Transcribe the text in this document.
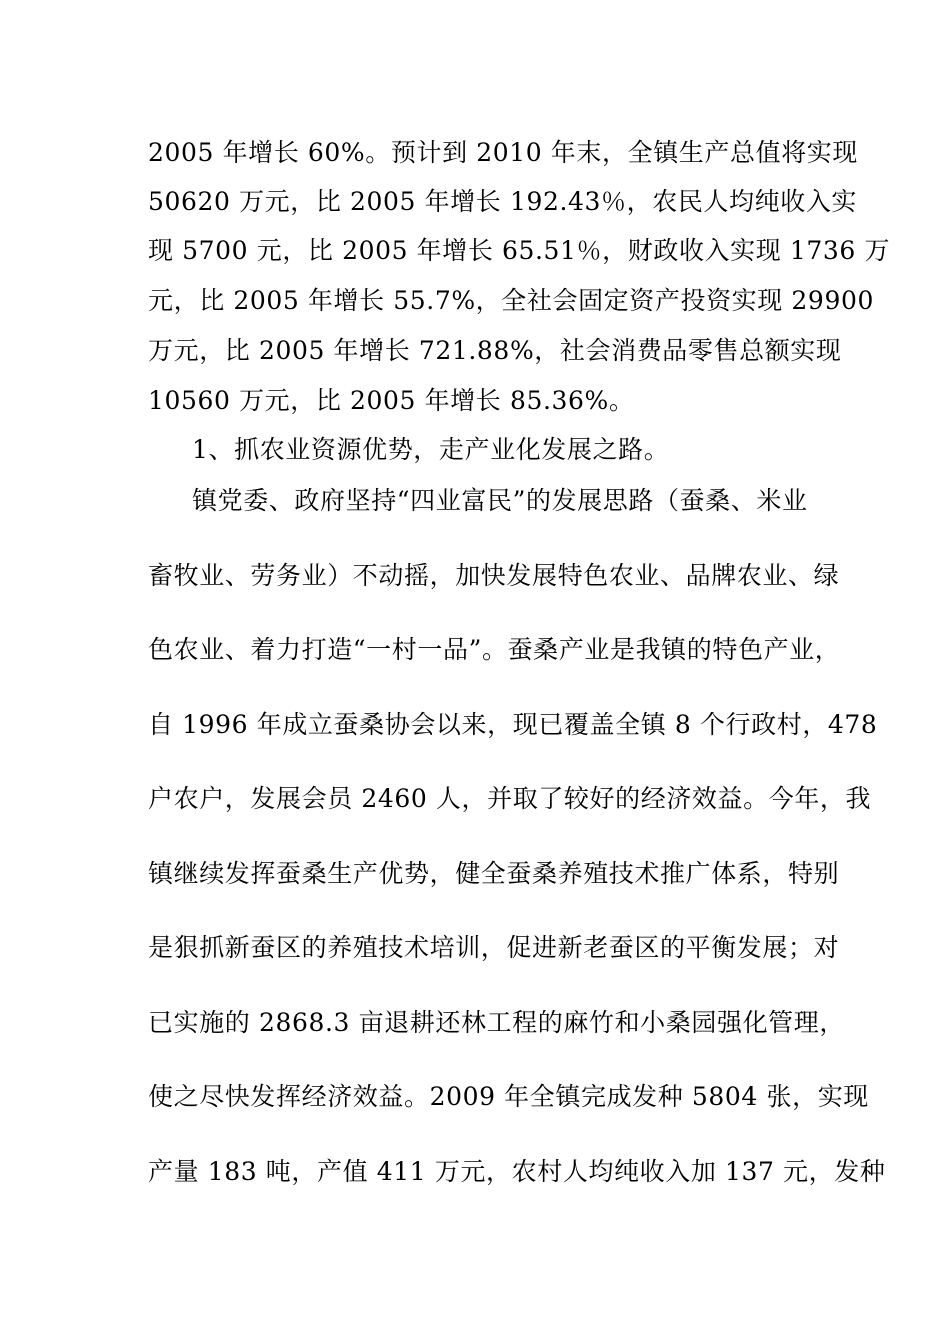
2005 年增长 60%。预计到 2010 年末，全镇生产总值将实现
50620 万元，比 2005 年增长 192.43％，农民人均纯收入实
现 5700 元，比 2005 年增长 65.51％，财政收入实现 1736 万
元，比 2005 年增长 55.7%，全社会固定资产投资实现 29900
万元，比 2005 年增长 721.88%，社会消费品零售总额实现
10560 万元，比 2005 年增长 85.36%。
1、抓农业资源优势，走产业化发展之路。
镇党委、政府坚持“四业富民”的发展思路（蚕桑、米业
畜牧业、劳务业）不动摇，加快发展特色农业、品牌农业、绿
色农业、着力打造“一村一品”。蚕桑产业是我镇的特色产业，
自 1996 年成立蚕桑协会以来，现已覆盖全镇 8 个行政村，478
户农户，发展会员 2460 人，并取了较好的经济效益。今年，我
镇继续发挥蚕桑生产优势，健全蚕桑养殖技术推广体系，特别
是狠抓新蚕区的养殖技术培训，促进新老蚕区的平衡发展；对
已实施的 2868.3 亩退耕还林工程的麻竹和小桑园强化管理，
使之尽快发挥经济效益。2009 年全镇完成发种 5804 张，实现
产量 183 吨，产值 411 万元，农村人均纯收入加 137 元，发种
